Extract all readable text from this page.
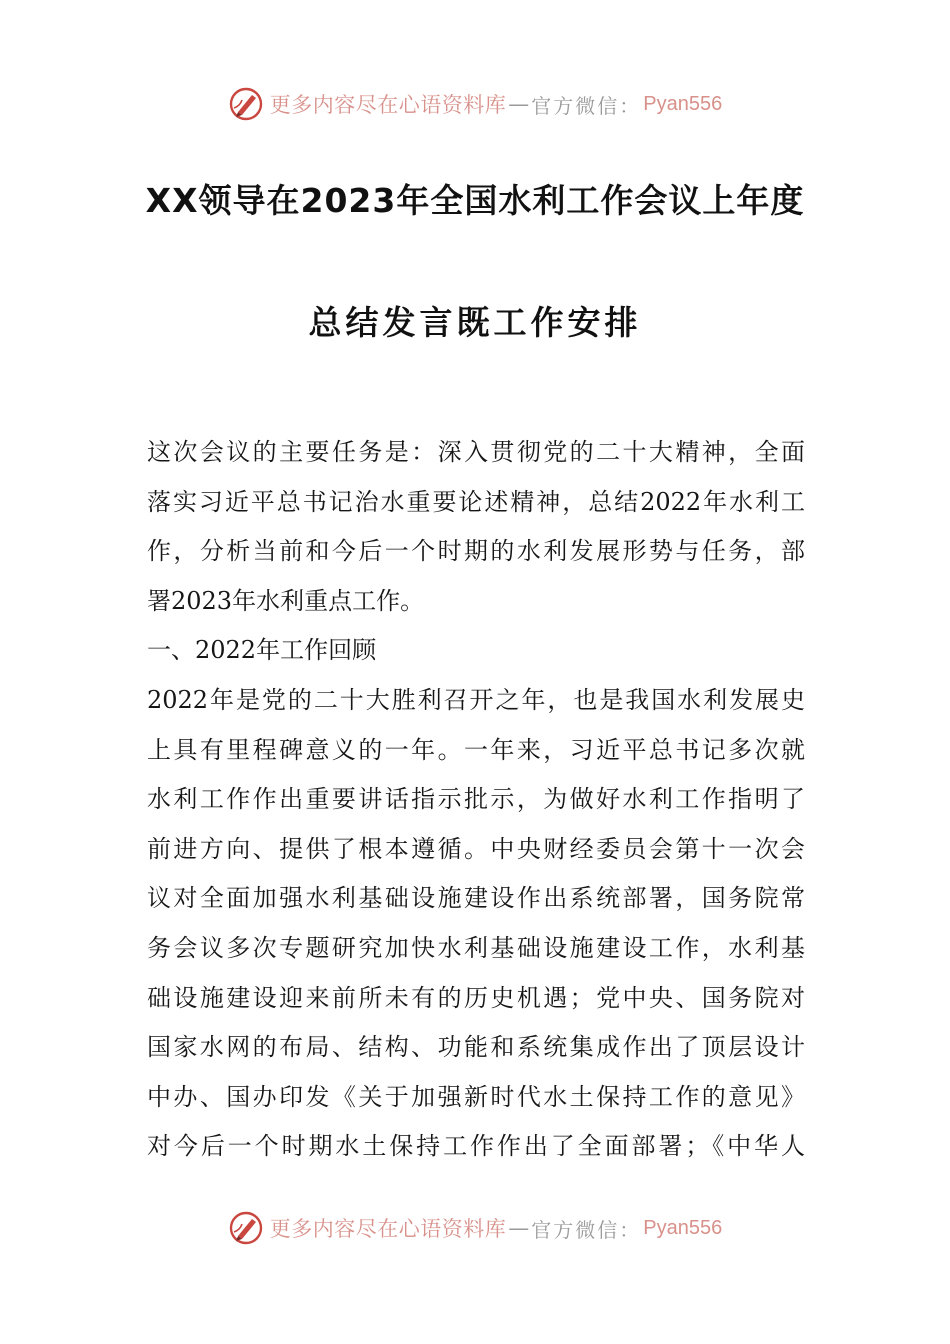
更多内容尽在心语资料库 — 官方微信： Pyan556
XX领导在2023年全国水利工作会议上年度
总结发言既工作安排
这次会议的主要任务是：深入贯彻党的二十大精神，全面
落实习近平总书记治水重要论述精神，总结2022年水利工
作，分析当前和今后一个时期的水利发展形势与任务，部
署2023年水利重点工作。
一、2022年工作回顾
2022年是党的二十大胜利召开之年，也是我国水利发展史
上具有里程碑意义的一年。一年来，习近平总书记多次就
水利工作作出重要讲话指示批示，为做好水利工作指明了
前进方向、提供了根本遵循。中央财经委员会第十一次会
议对全面加强水利基础设施建设作出系统部署，国务院常
务会议多次专题研究加快水利基础设施建设工作，水利基
础设施建设迎来前所未有的历史机遇；党中央、国务院对
国家水网的布局、结构、功能和系统集成作出了顶层设计
中办、国办印发《关于加强新时代水土保持工作的意见》
对今后一个时期水土保持工作作出了全面部署；《中华人
更多内容尽在心语资料库 — 官方微信： Pyan556
